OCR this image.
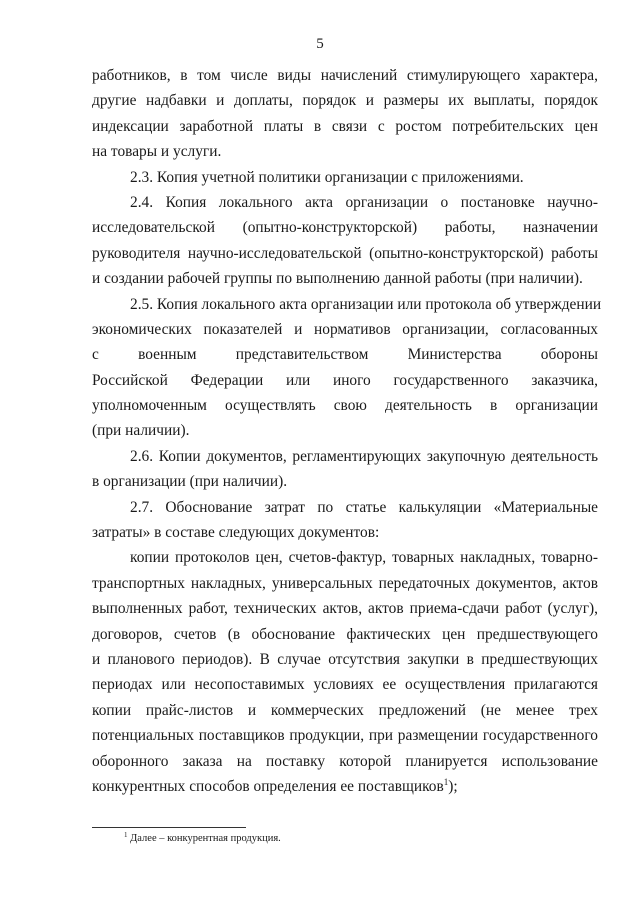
5
работников, в том числе виды начислений стимулирующего характера,
другие надбавки и доплаты, порядок и размеры их выплаты, порядок
индексации заработной платы в связи с ростом потребительских цен
на товары и услуги.
2.3. Копия учетной политики организации с приложениями.
2.4. Копия локального акта организации о постановке научно-
исследовательской (опытно-конструкторской) работы, назначении
руководителя научно-исследовательской (опытно-конструкторской) работы
и создании рабочей группы по выполнению данной работы (при наличии).
2.5. Копия локального акта организации или протокола об утверждении
экономических показателей и нормативов организации, согласованных
с военным представительством Министерства обороны
Российской Федерации или иного государственного заказчика,
уполномоченным осуществлять свою деятельность в организации
(при наличии).
2.6. Копии документов, регламентирующих закупочную деятельность
в организации (при наличии).
2.7. Обоснование затрат по статье калькуляции «Материальные
затраты» в составе следующих документов:
копии протоколов цен, счетов-фактур, товарных накладных, товарно-
транспортных накладных, универсальных передаточных документов, актов
выполненных работ, технических актов, актов приема-сдачи работ (услуг),
договоров, счетов (в обоснование фактических цен предшествующего
и планового периодов). В случае отсутствия закупки в предшествующих
периодах или несопоставимых условиях ее осуществления прилагаются
копии прайс-листов и коммерческих предложений (не менее трех
потенциальных поставщиков продукции, при размещении государственного
оборонного заказа на поставку которой планируется использование
конкурентных способов определения ее поставщиков$^1$);
$^1$ Далее – конкурентная продукция.
